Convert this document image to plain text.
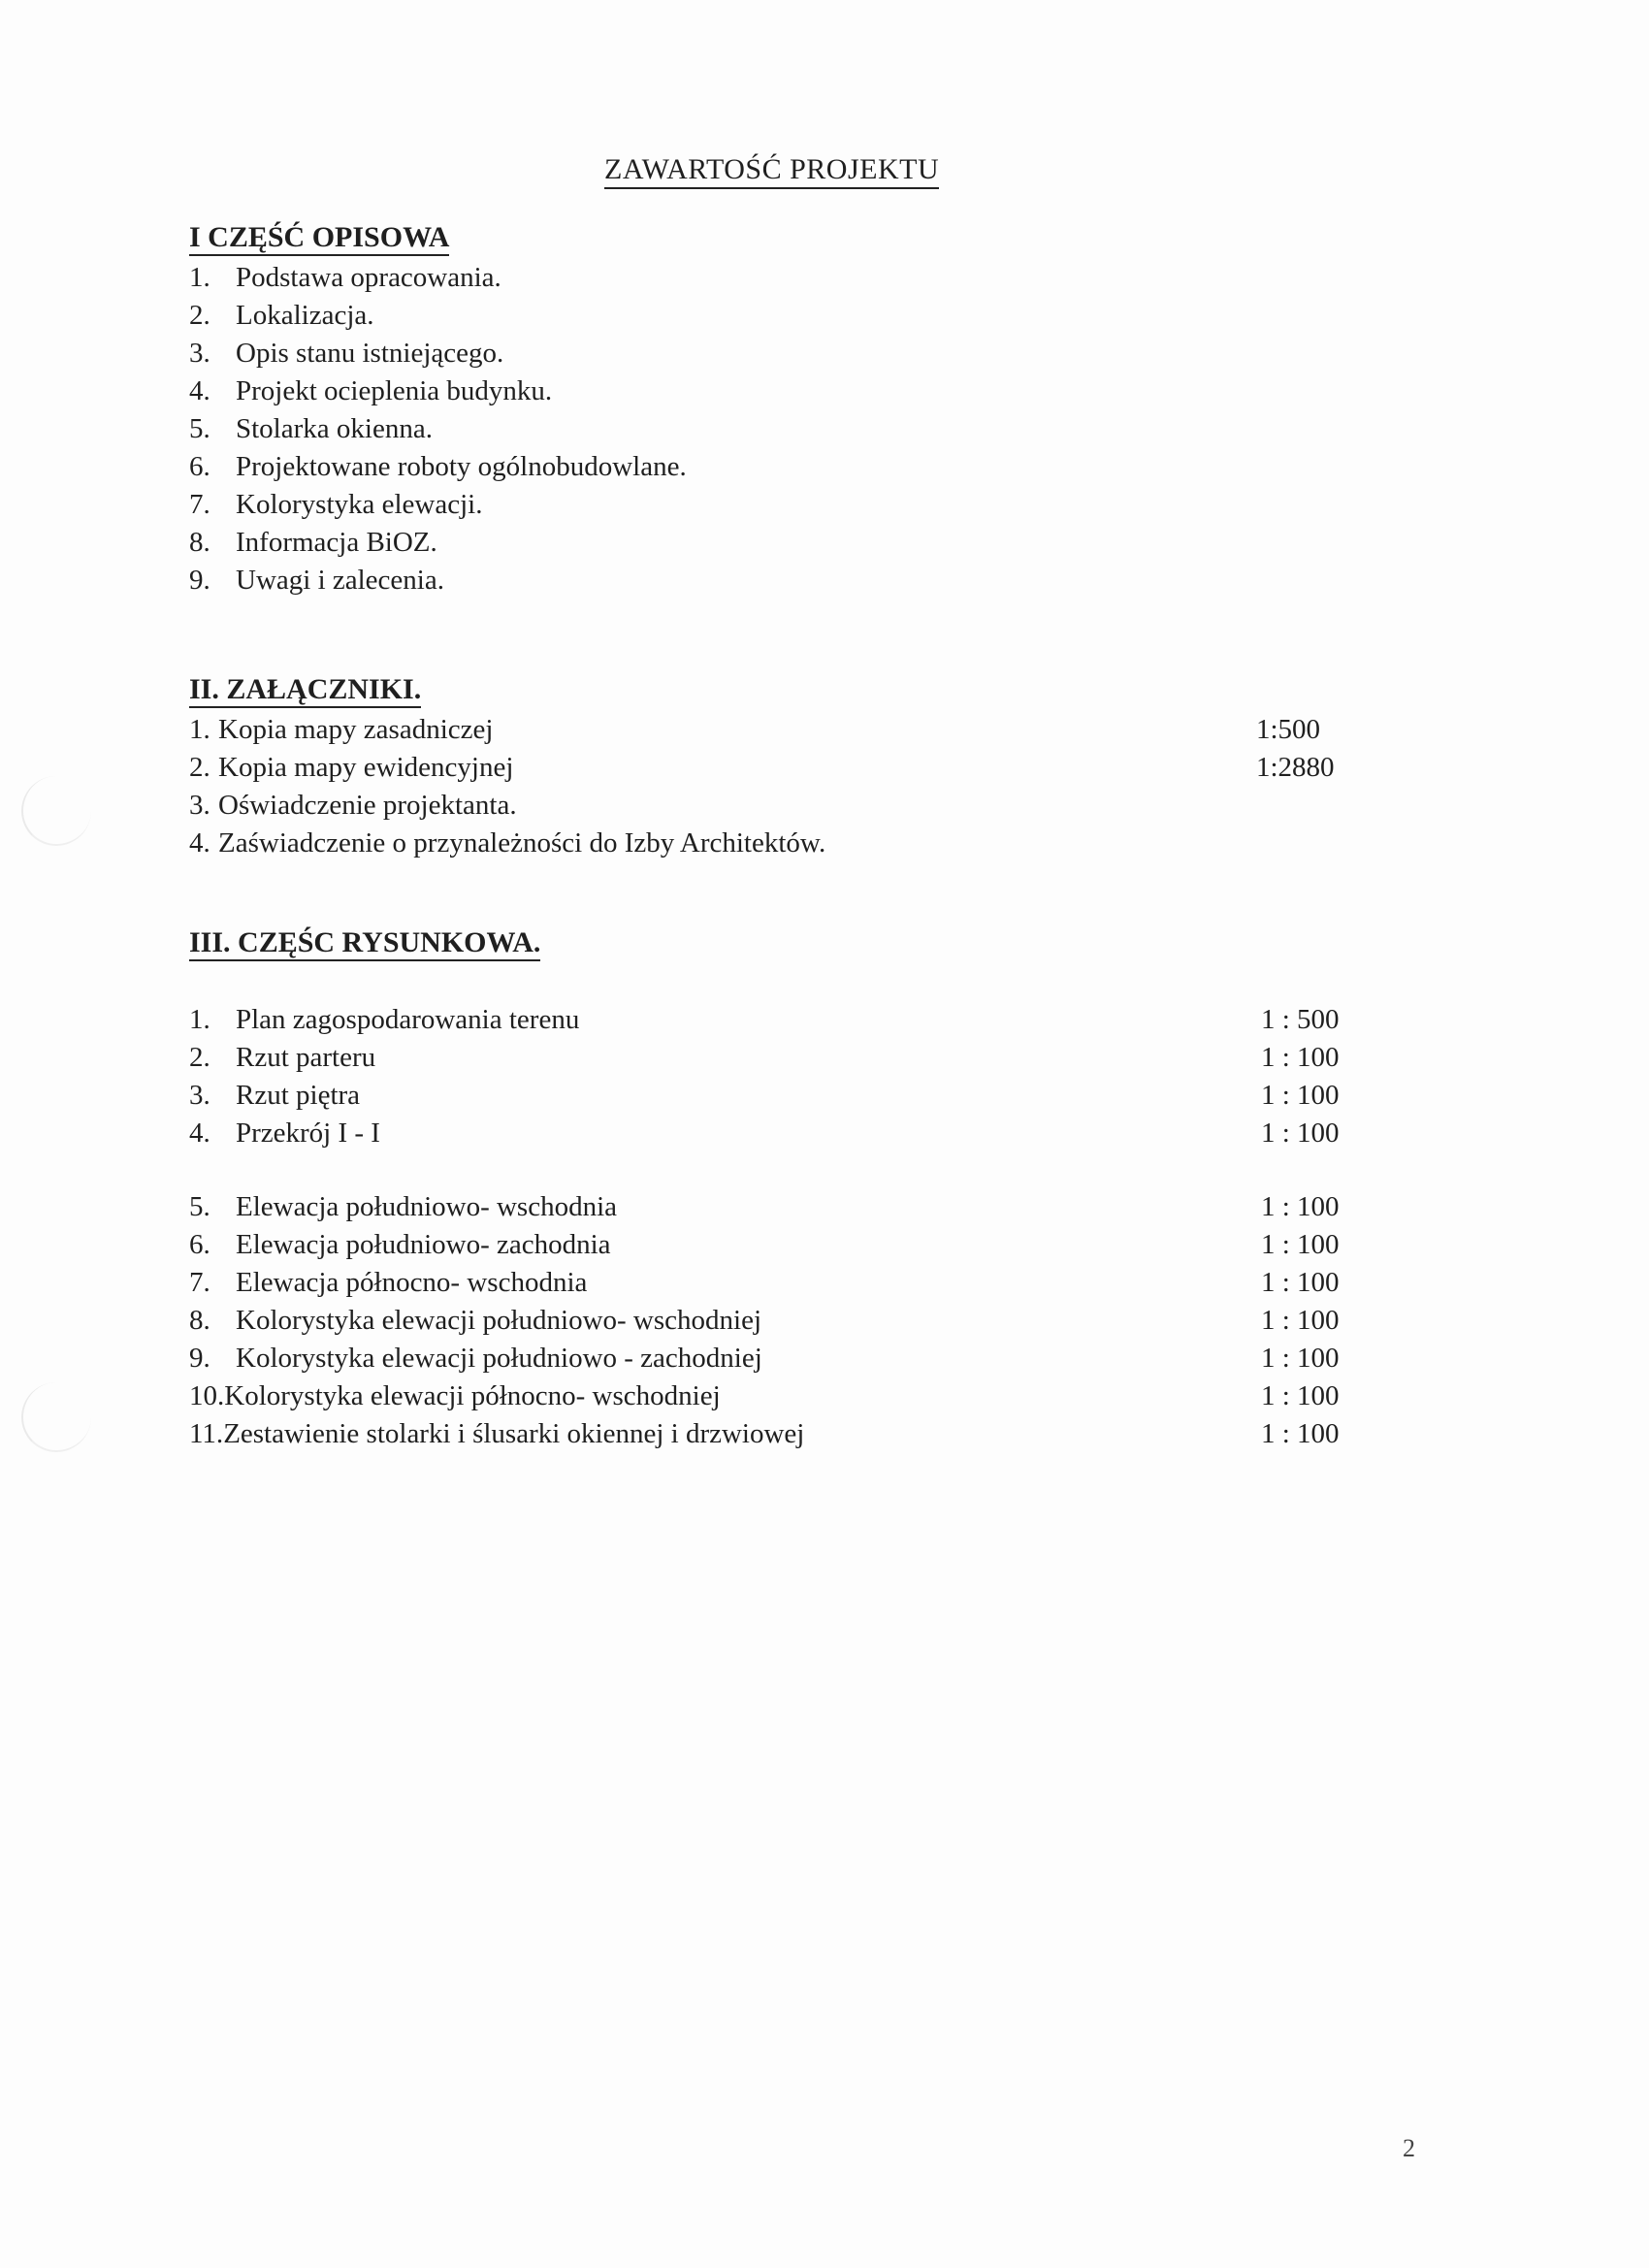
ZAWARTOŚĆ PROJEKTU
I CZĘŚĆ OPISOWA
1. Podstawa opracowania.
2. Lokalizacja.
3. Opis stanu istniejącego.
4. Projekt ocieplenia budynku.
5. Stolarka okienna.
6. Projektowane roboty ogólnobudowlane.
7. Kolorystyka elewacji.
8. Informacja BiOZ.
9. Uwagi i zalecenia.
II. ZAŁĄCZNIKI.
1. Kopia mapy zasadniczej	1:500
2. Kopia mapy ewidencyjnej	1:2880
3. Oświadczenie projektanta.
4. Zaświadczenie o przynależności do Izby Architektów.
III. CZĘŚC RYSUNKOWA.
1. Plan zagospodarowania terenu	1 : 500
2. Rzut parteru	1 : 100
3. Rzut piętra	1 : 100
4. Przekrój I - I	1 : 100
5. Elewacja południowo- wschodnia	1 : 100
6. Elewacja południowo- zachodnia	1 : 100
7. Elewacja północno- wschodnia	1 : 100
8. Kolorystyka elewacji południowo- wschodniej	1 : 100
9. Kolorystyka elewacji południowo - zachodniej	1 : 100
10.Kolorystyka elewacji północno- wschodniej	1 : 100
11.Zestawienie stolarki i ślusarki okiennej i drzwiowej	1 : 100
2
